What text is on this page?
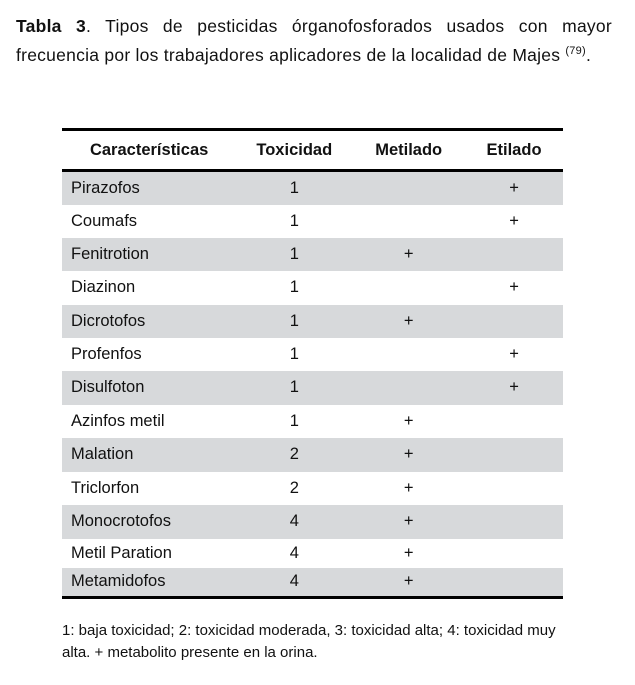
Tabla 3. Tipos de pesticidas órganofosforados usados con mayor frecuencia por los trabajadores aplicadores de la localidad de Majes $^{(79)}$.
Características	Toxicidad	Metilado	Etilado
Pirazofos	1		+
Coumafs	1		+
Fenitrotion	1	+	
Diazinon	1		+
Dicrotofos	1	+	
Profenfos	1		+
Disulfoton	1		+
Azinfos metil	1	+	
Malation	2	+	
Triclorfon	2	+	
Monocrotofos	4	+	
Metil Paration	4	+	
Metamidofos	4	+	
1: baja toxicidad; 2: toxicidad moderada, 3: toxicidad alta; 4: toxicidad muy alta. + metabolito presente en la orina.
